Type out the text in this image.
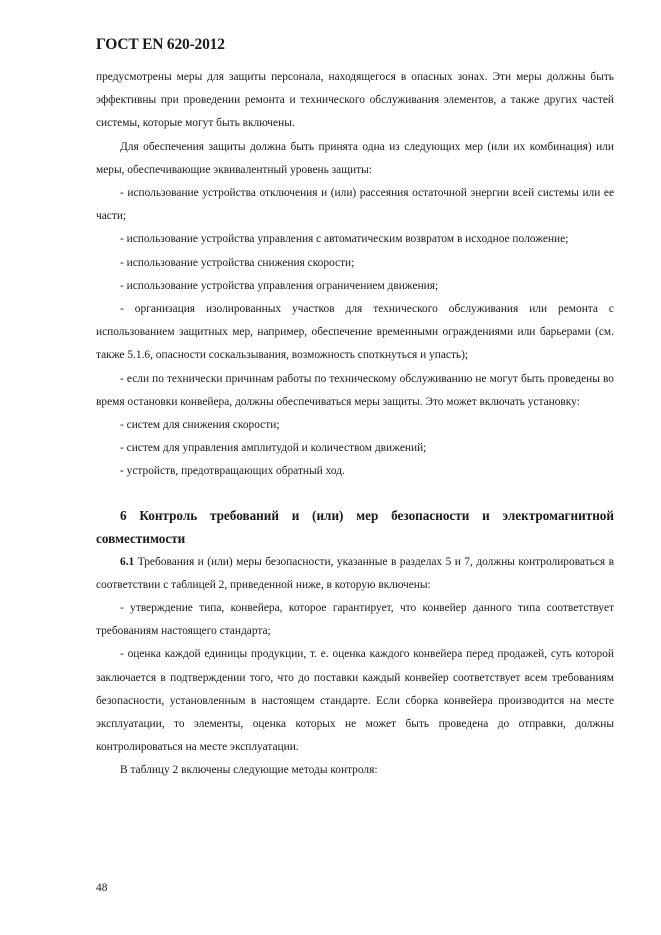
ГОСТ EN 620-2012

предусмотрены меры для защиты персонала, находящегося в опасных зонах. Эти меры должны быть эффективны при проведении ремонта и технического обслуживания элементов, а также других частей системы, которые могут быть включены.

Для обеспечения защиты должна быть принята одна из следующих мер (или их комбинация) или меры, обеспечивающие эквивалентный уровень защиты:

- использование устройства отключения и (или) рассеяния остаточной энергии всей системы или ее части;

- использование устройства управления с автоматическим возвратом в исходное положение;

- использование устройства снижения скорости;

- использование устройства управления ограничением движения;

- организация изолированных участков для технического обслуживания или ремонта с использованием защитных мер, например, обеспечение временными ограждениями или барьерами (см. также 5.1.6, опасности соскальзывания, возможность споткнуться и упасть);

- если по технически причинам работы по техническому обслуживанию не могут быть проведены во время остановки конвейера, должны обеспечиваться меры защиты. Это может включать установку:

- систем для снижения скорости;

- систем для управления амплитудой и количеством движений;

- устройств, предотвращающих обратный ход.

6 Контроль требований и (или) мер безопасности и электромагнитной совместимости

6.1 Требования и (или) меры безопасности, указанные в разделах 5 и 7, должны контролироваться в соответствии с таблицей 2, приведенной ниже, в которую включены:

- утверждение типа, конвейера, которое гарантирует, что конвейер данного типа соответствует требованиям настоящего стандарта;

- оценка каждой единицы продукции, т. е. оценка каждого конвейера перед продажей, суть которой заключается в подтверждении того, что до поставки каждый конвейер соответствует всем требованиям безопасности, установленным в настоящем стандарте. Если сборка конвейера производится на месте эксплуатации, то элементы, оценка которых не может быть проведена до отправки, должны контролироваться на месте эксплуатации.

В таблицу 2 включены следующие методы контроля:

48
